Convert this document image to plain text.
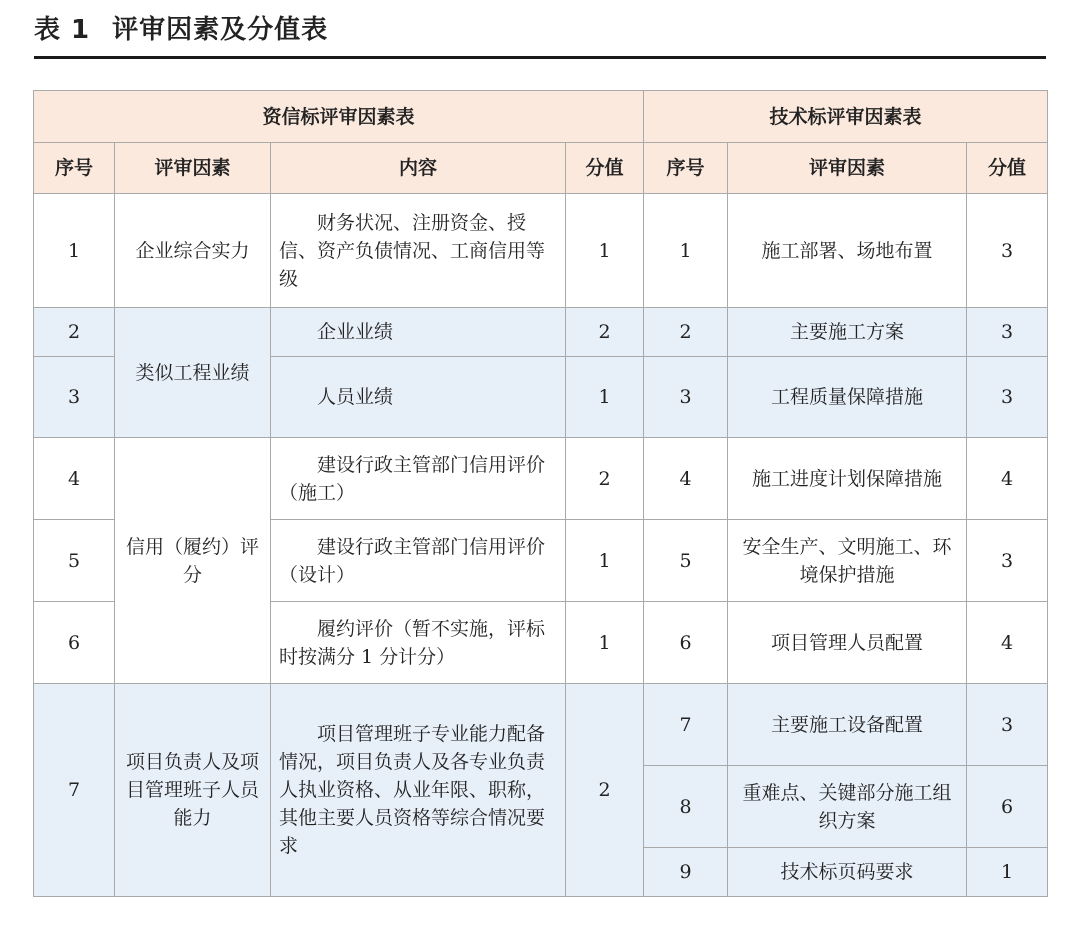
表 1 评审因素及分值表
资信标评审因素表				技术标评审因素表		
序号	评审因素	内容	分值	序号	评审因素	分值
1	企业综合实力	财务状况、注册资金、授信、资产负债情况、工商信用等级	1	1	施工部署、场地布置	3
2	类似工程业绩	企业业绩	2	2	主要施工方案	3
3		人员业绩	1	3	工程质量保障措施	3
4	信用（履约）评分	建设行政主管部门信用评价（施工）	2	4	施工进度计划保障措施	4
5		建设行政主管部门信用评价（设计）	1	5	安全生产、文明施工、环境保护措施	3
6		履约评价（暂不实施，评标时按满分 1 分计分）	1	6	项目管理人员配置	4
7	项目负责人及项目管理班子人员能力	项目管理班子专业能力配备情况，项目负责人及各专业负责人执业资格、从业年限、职称，其他主要人员资格等综合情况要求	2	7	主要施工设备配置	3
				8	重难点、关键部分施工组织方案	6
				9	技术标页码要求	1
